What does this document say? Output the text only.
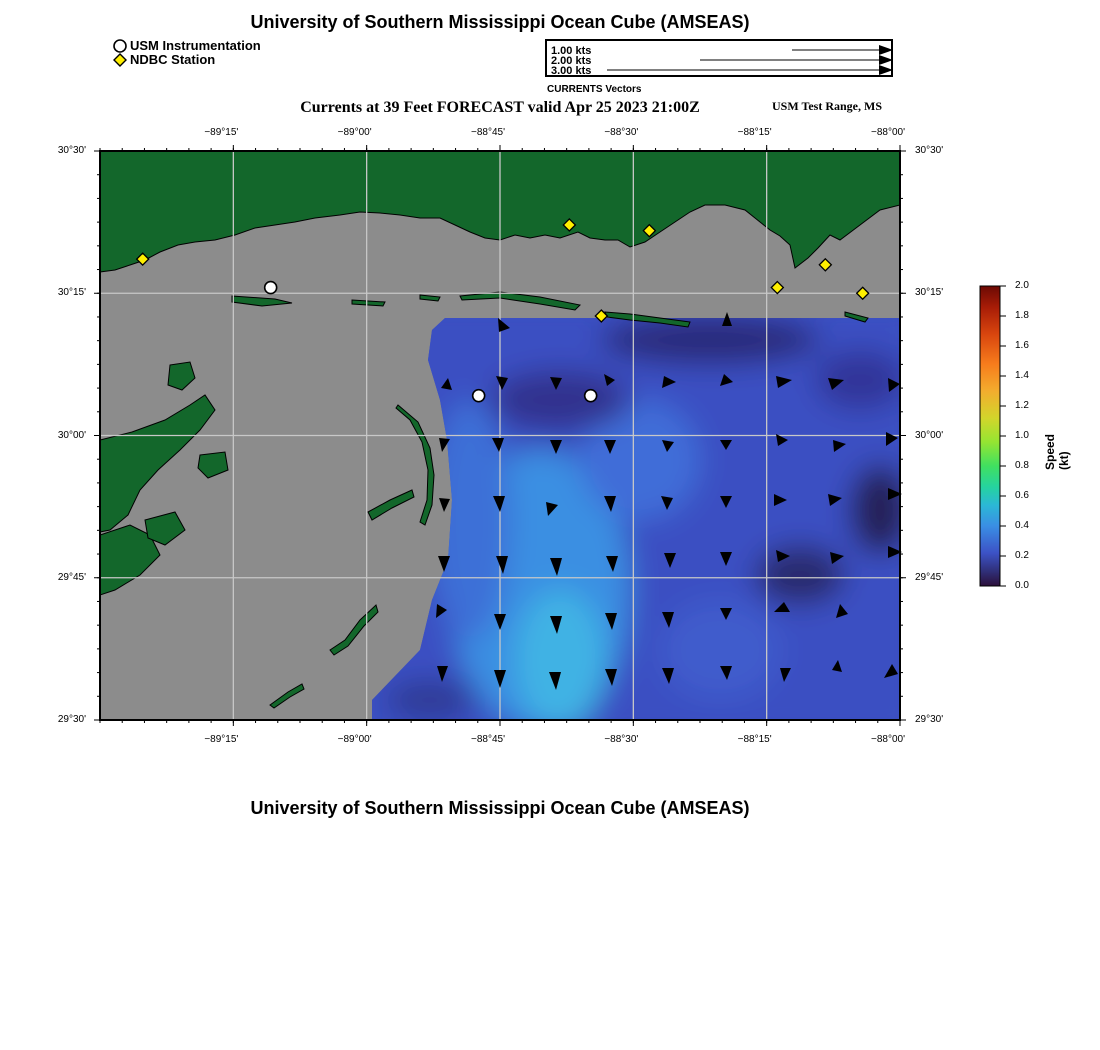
University of Southern Mississippi Ocean Cube (AMSEAS)
USM Instrumentation
NDBC Station
1.00 kts
2.00 kts
3.00 kts
CURRENTS Vectors
Currents at 39 Feet FORECAST valid Apr 25 2023 21:00Z	USM Test Range, MS
−89°15'
−89°15'
−89°00'
−89°00'
−88°45'
−88°45'
−88°30'
−88°30'
−88°15'
−88°15'
−88°00'
−88°00'
30°30'	30°30'
30°15'	30°15'
30°00'	30°00'
29°45'	29°45'
29°30'	29°30'
0.0
0.2
0.4
0.6
0.8
1.0
1.2
1.4
1.6
1.8
2.0
Speed (kt)
University of Southern Mississippi Ocean Cube (AMSEAS)
